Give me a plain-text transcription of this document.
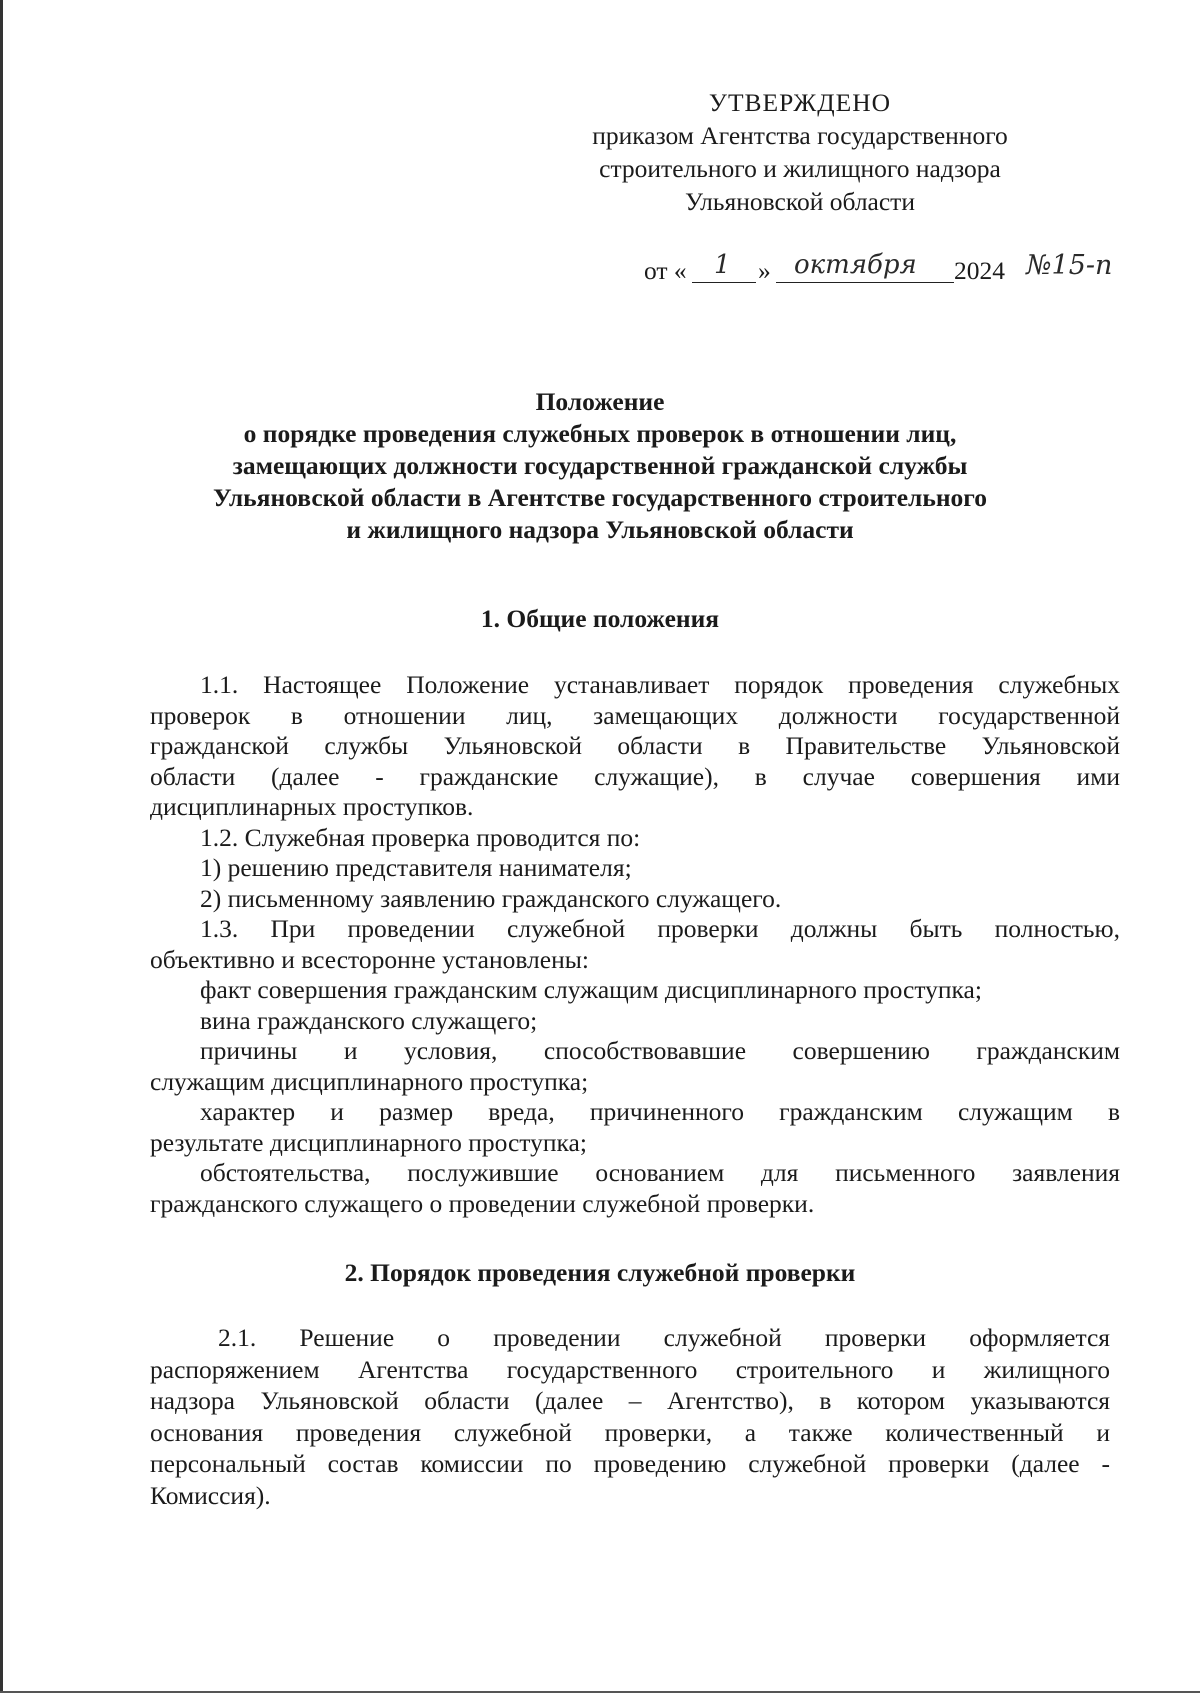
УТВЕРЖДЕНО
приказом Агентства государственного
строительного и жилищного надзора
Ульяновской области
от « 1 » октября 2024 №15-п
Положение
о порядке проведения служебных проверок в отношении лиц,
замещающих должности государственной гражданской службы
Ульяновской области в Агентстве государственного строительного
и жилищного надзора Ульяновской области
1. Общие положения
1.1. Настоящее Положение устанавливает порядок проведения служебных
проверок в отношении лиц, замещающих должности государственной
гражданской службы Ульяновской области в Правительстве Ульяновской
области (далее - гражданские служащие), в случае совершения ими
дисциплинарных проступков.
1.2. Служебная проверка проводится по:
1) решению представителя нанимателя;
2) письменному заявлению гражданского служащего.
1.3. При проведении служебной проверки должны быть полностью,
объективно и всесторонне установлены:
факт совершения гражданским служащим дисциплинарного проступка;
вина гражданского служащего;
причины и условия, способствовавшие совершению гражданским
служащим дисциплинарного проступка;
характер и размер вреда, причиненного гражданским служащим в
результате дисциплинарного проступка;
обстоятельства, послужившие основанием для письменного заявления
гражданского служащего о проведении служебной проверки.
2. Порядок проведения служебной проверки
2.1. Решение о проведении служебной проверки оформляется
распоряжением Агентства государственного строительного и жилищного
надзора Ульяновской области (далее – Агентство), в котором указываются
основания проведения служебной проверки, а также количественный и
персональный состав комиссии по проведению служебной проверки (далее -
Комиссия).
